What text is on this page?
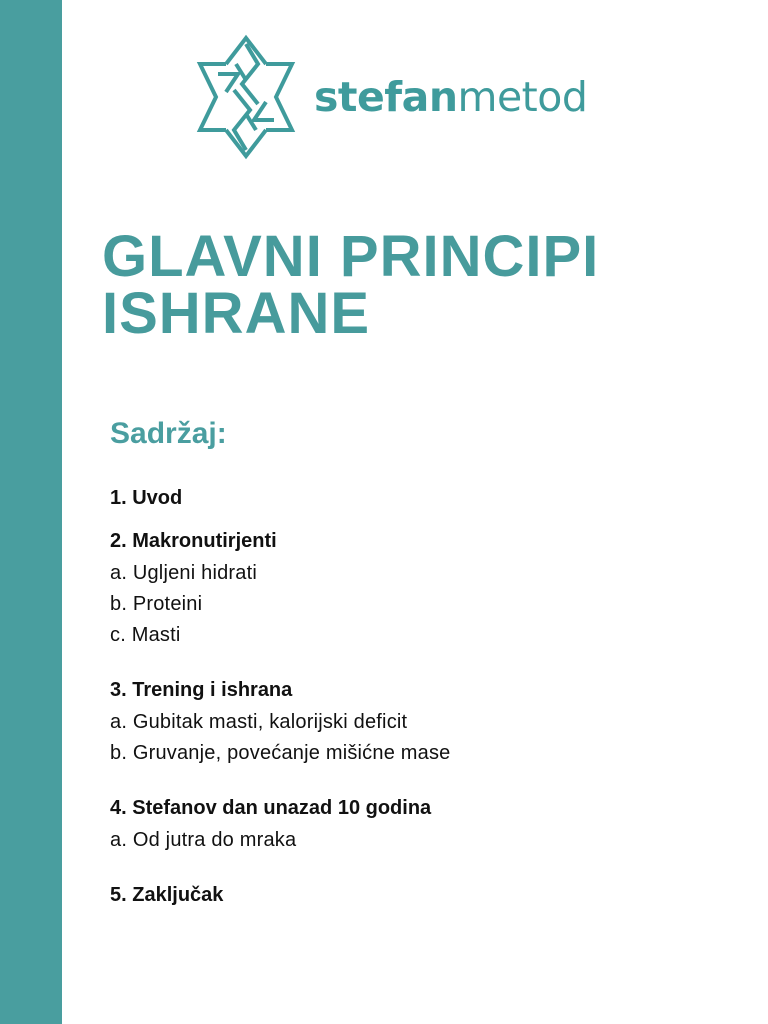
stefanmetod
GLAVNI PRINCIPI
ISHRANE
Sadržaj:
1. Uvod
2. Makronutirjenti
a. Ugljeni hidrati
b. Proteini
c. Masti
3. Trening i ishrana
a. Gubitak masti, kalorijski deficit
b. Gruvanje, povećanje mišićne mase
4. Stefanov dan unazad 10 godina
a. Od jutra do mraka
5. Zaključak
